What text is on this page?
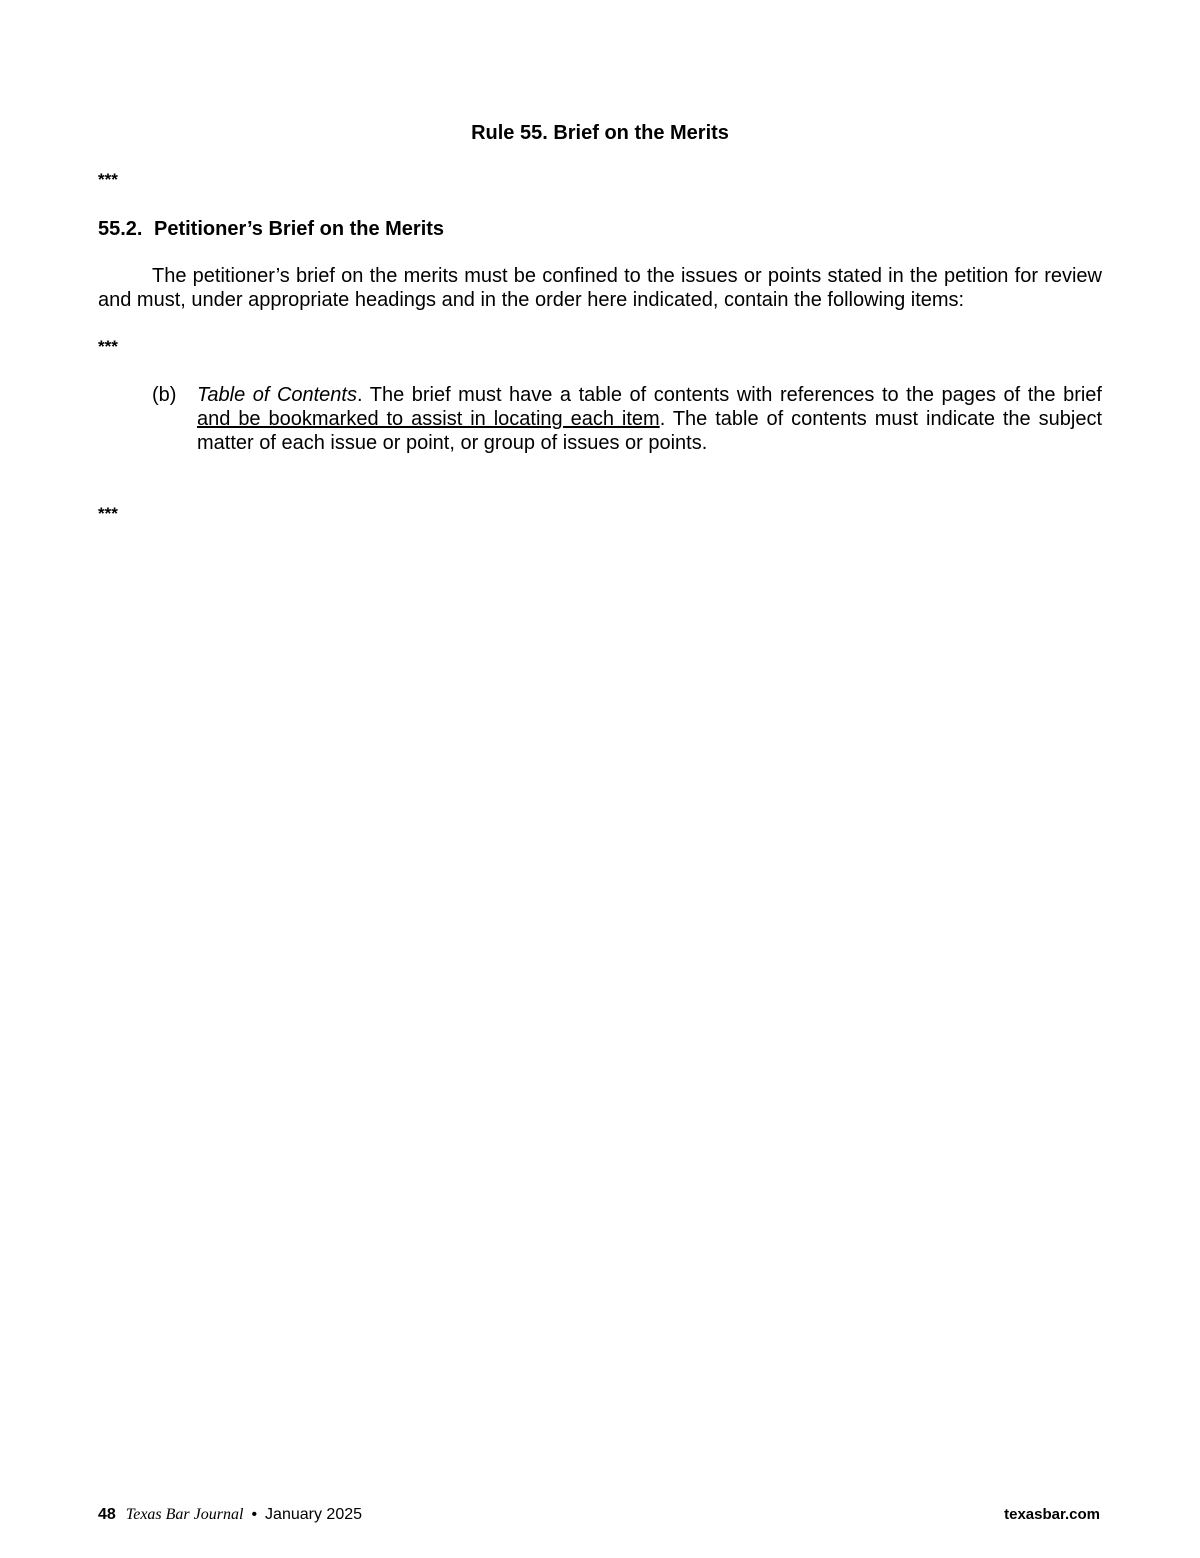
Rule 55. Brief on the Merits
***
55.2. Petitioner’s Brief on the Merits

The petitioner’s brief on the merits must be confined to the issues or points stated in the petition for review and must, under appropriate headings and in the order here indicated, contain the following items:

***
(b)	Table of Contents. The brief must have a table of contents with references to the pages of the brief and be bookmarked to assist in locating each item. The table of contents must indicate the subject matter of each issue or point, or group of issues or points.
***
48 Texas Bar Journal • January 2025	texasbar.com
